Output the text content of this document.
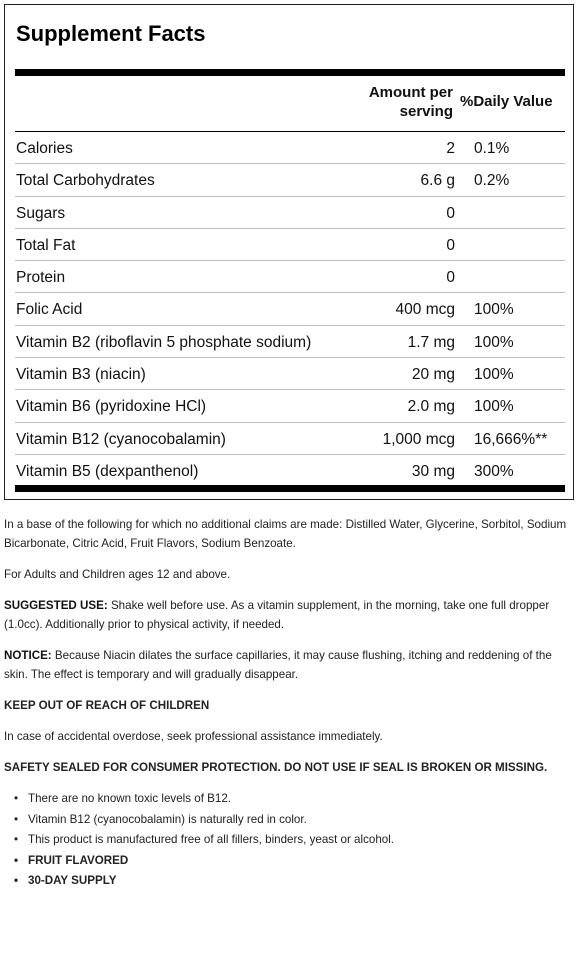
Supplement Facts
Amount per
serving
%Daily Value
Calories	2 0.1%
Total Carbohydrates	6.6 g 0.2%
Sugars	0
Total Fat	0
Protein	0
Folic Acid	400 mcg 100%
Vitamin B2 (riboflavin 5 phosphate sodium)	1.7 mg 100%
Vitamin B3 (niacin)	20 mg 100%
Vitamin B6 (pyridoxine HCl)	2.0 mg 100%
Vitamin B12 (cyanocobalamin)	1,000 mcg 16,666%**
Vitamin B5 (dexpanthenol)	30 mg 300%

In a base of the following for which no additional claims are made: Distilled Water, Glycerine, Sorbitol, Sodium Bicarbonate, Citric Acid, Fruit Flavors, Sodium Benzoate.

For Adults and Children ages 12 and above.

SUGGESTED USE: Shake well before use. As a vitamin supplement, in the morning, take one full dropper (1.0cc). Additionally prior to physical activity, if needed.

NOTICE: Because Niacin dilates the surface capillaries, it may cause flushing, itching and reddening of the skin. The effect is temporary and will gradually disappear.

KEEP OUT OF REACH OF CHILDREN

In case of accidental overdose, seek professional assistance immediately.

SAFETY SEALED FOR CONSUMER PROTECTION. DO NOT USE IF SEAL IS BROKEN OR MISSING.

• There are no known toxic levels of B12.
• Vitamin B12 (cyanocobalamin) is naturally red in color.
• This product is manufactured free of all fillers, binders, yeast or alcohol.
• FRUIT FLAVORED
• 30-DAY SUPPLY
